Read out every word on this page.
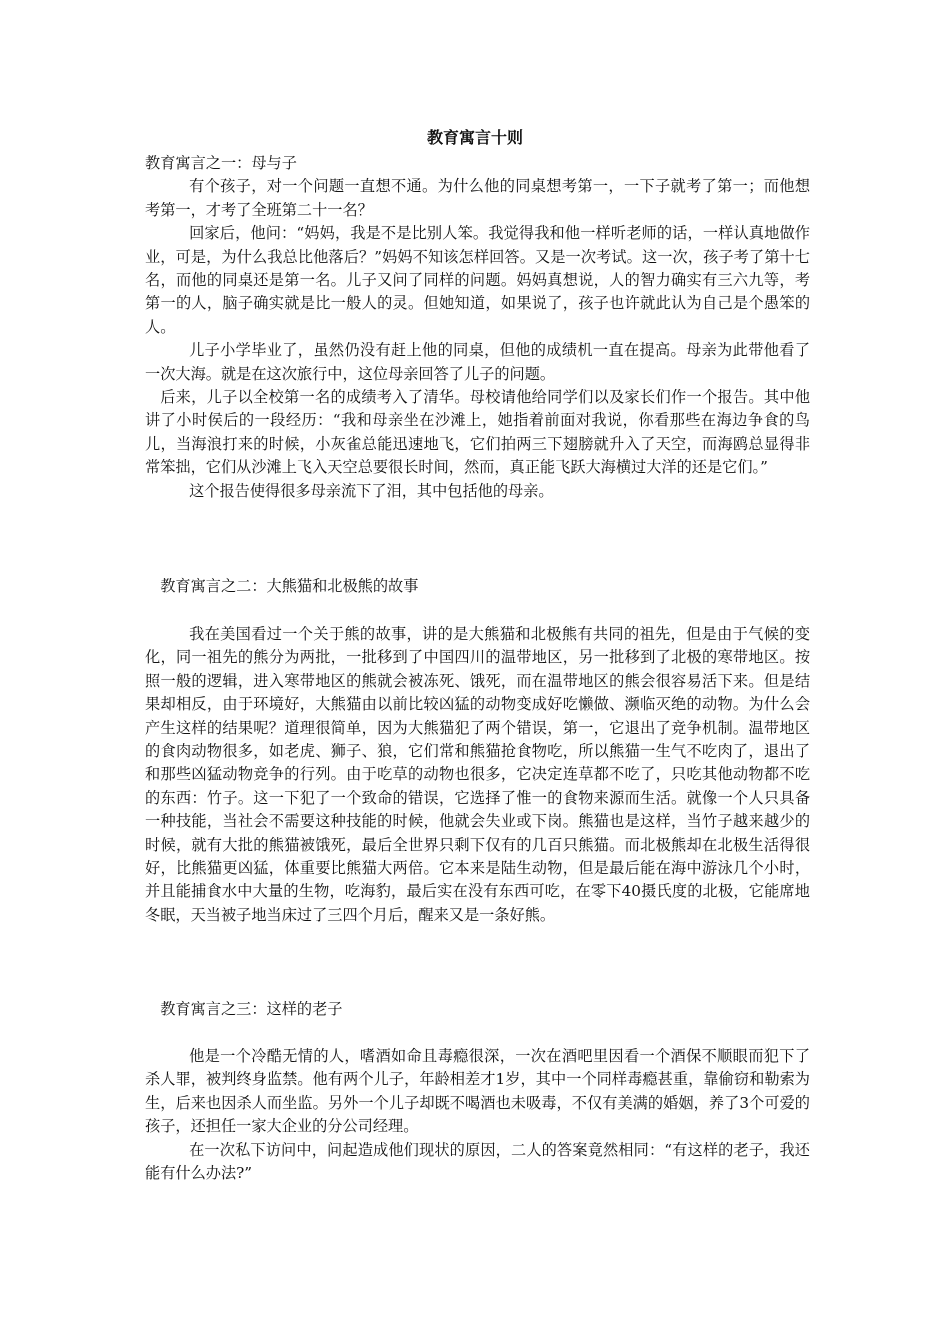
教育寓言十则

教育寓言之一：母与子

有个孩子，对一个问题一直想不通。为什么他的同桌想考第一，一下子就考了第一；而他想考第一，才考了全班第二十一名？

回家后，他问：“妈妈，我是不是比别人笨。我觉得我和他一样听老师的话，一样认真地做作业，可是，为什么我总比他落后？”妈妈不知该怎样回答。又是一次考试。这一次，孩子考了第十七名，而他的同桌还是第一名。儿子又问了同样的问题。妈妈真想说，人的智力确实有三六九等，考第一的人，脑子确实就是比一般人的灵。但她知道，如果说了，孩子也许就此认为自己是个愚笨的人。

儿子小学毕业了，虽然仍没有赶上他的同桌，但他的成绩机一直在提高。母亲为此带他看了一次大海。就是在这次旅行中，这位母亲回答了儿子的问题。

后来，儿子以全校第一名的成绩考入了清华。母校请他给同学们以及家长们作一个报告。其中他讲了小时侯后的一段经历：“我和母亲坐在沙滩上，她指着前面对我说，你看那些在海边争食的鸟儿，当海浪打来的时候，小灰雀总能迅速地飞，它们拍两三下翅膀就升入了天空，而海鸥总显得非常笨拙，它们从沙滩上飞入天空总要很长时间，然而，真正能飞跃大海横过大洋的还是它们。”

这个报告使得很多母亲流下了泪，其中包括他的母亲。

教育寓言之二：大熊猫和北极熊的故事

我在美国看过一个关于熊的故事，讲的是大熊猫和北极熊有共同的祖先，但是由于气候的变化，同一祖先的熊分为两批，一批移到了中国四川的温带地区，另一批移到了北极的寒带地区。按照一般的逻辑，进入寒带地区的熊就会被冻死、饿死，而在温带地区的熊会很容易活下来。但是结果却相反，由于环境好，大熊猫由以前比较凶猛的动物变成好吃懒做、濒临灭绝的动物。为什么会产生这样的结果呢？道理很简单，因为大熊猫犯了两个错误，第一，它退出了竞争机制。温带地区的食肉动物很多，如老虎、狮子、狼，它们常和熊猫抢食物吃，所以熊猫一生气不吃肉了，退出了和那些凶猛动物竞争的行列。由于吃草的动物也很多，它决定连草都不吃了，只吃其他动物都不吃的东西：竹子。这一下犯了一个致命的错误，它选择了惟一的食物来源而生活。就像一个人只具备一种技能，当社会不需要这种技能的时候，他就会失业或下岗。熊猫也是这样，当竹子越来越少的时候，就有大批的熊猫被饿死，最后全世界只剩下仅有的几百只熊猫。而北极熊却在北极生活得很好，比熊猫更凶猛，体重要比熊猫大两倍。它本来是陆生动物，但是最后能在海中游泳几个小时，并且能捕食水中大量的生物，吃海豹，最后实在没有东西可吃，在零下40摄氏度的北极，它能席地冬眠，天当被子地当床过了三四个月后，醒来又是一条好熊。

教育寓言之三：这样的老子

他是一个冷酷无情的人，嗜酒如命且毒瘾很深，一次在酒吧里因看一个酒保不顺眼而犯下了杀人罪，被判终身监禁。他有两个儿子，年龄相差才1岁，其中一个同样毒瘾甚重，靠偷窃和勒索为生，后来也因杀人而坐监。另外一个儿子却既不喝酒也未吸毒，不仅有美满的婚姻，养了3个可爱的孩子，还担任一家大企业的分公司经理。

在一次私下访问中，问起造成他们现状的原因，二人的答案竟然相同：“有这样的老子，我还能有什么办法?”
